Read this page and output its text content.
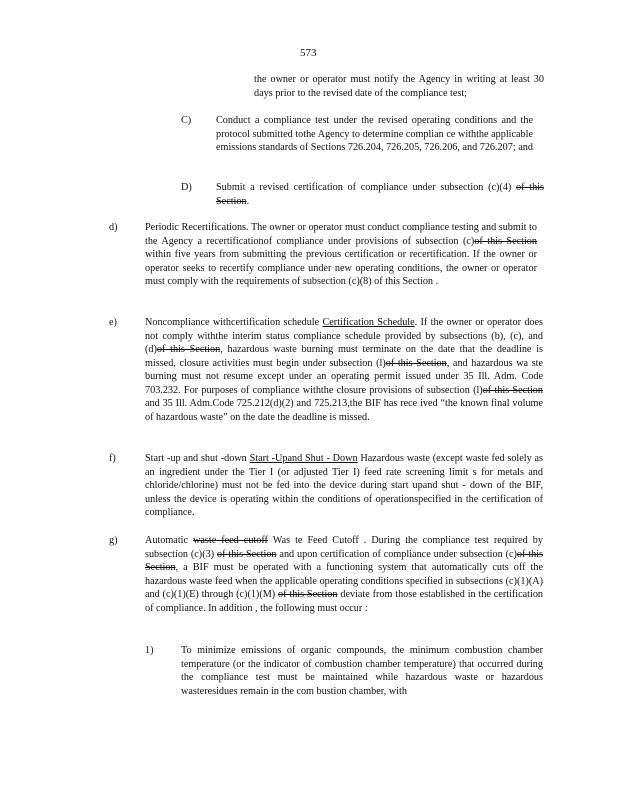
573

the owner or operator must notify the Agency in writing at least 30 days prior to the revised date of the compliance test;

C) Conduct a compliance test under the revised operating conditions and the protocol submitted tothe Agency to determine complian ce withthe applicable emissions standards of Sections 726.204, 726.205, 726.206, and 726.207; and

D) Submit a revised certification of compliance under subsection (c)(4) of this Section.

d)	Periodic Recertifications. The owner or operator must conduct compliance testing and submit to the Agency a recertificationof compliance under provisions of subsection (c)of this Section within five years from submitting the previous certification or recertification. If the owner or operator seeks to recertify compliance under new operating conditions, the owner or operator must comply with the requirements of subsection (c)(8) of this Section .

e)	Noncompliance withcertification schedule Certification Schedule. If the owner or operator does not comply withthe interim status compliance schedule provided by subsections (b), (c), and (d)of this Section, hazardous waste burning must terminate on the date that the deadline is missed, closure activities must begin under subsection (l)of this Section, and hazardous wa ste burning must not resume except under an operating permit issued under 35 Ill. Adm. Code 703.232. For purposes of compliance withthe closure provisions of subsection (l)of this Section and 35 Ill. Adm.Code 725.212(d)(2) and 725.213,the BIF has rece ived “the known final volume of hazardous waste” on the date the deadline is missed.

f)	Start -up and shut -down Start -Upand Shut - Down Hazardous waste (except waste fed solely as an ingredient under the Tier I (or adjusted Tier I) feed rate screening limit s for metals and chloride/chlorine) must not be fed into the device during start upand shut - down of the BIF, unless the device is operating within the conditions of operationspecified in the certification of compliance.

g)	Automatic waste feed cutoff Was te Feed Cutoff . During the compliance test required by subsection (c)(3) of this Section and upon certification of compliance under subsection (c)of this Section, a BIF must be operated with a functioning system that automatically cuts off the hazardous waste feed when the applicable operating conditions specified in subsections (c)(1)(A) and (c)(1)(E) through (c)(1)(M) of this Section deviate from those established in the certification of compliance. In addition , the following must occur :

1)	To minimize emissions of organic compounds, the minimum combustion chamber temperature (or the indicator of combustion chamber temperature) that occurred during the compliance test must be maintained while hazardous waste or hazardous wasteresidues remain in the com bustion chamber, with
